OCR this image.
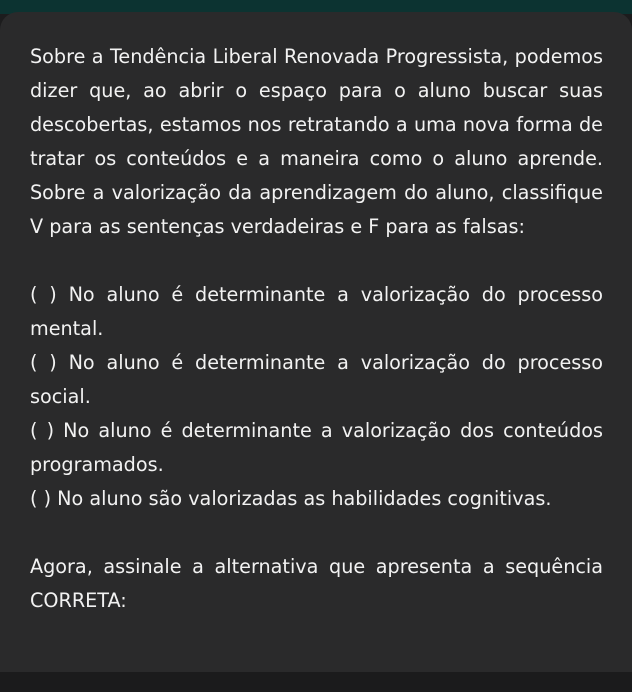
Sobre a Tendência Liberal Renovada Progressista, podemos dizer que, ao abrir o espaço para o aluno buscar suas descobertas, estamos nos retratando a uma nova forma de tratar os conteúdos e a maneira como o aluno aprende. Sobre a valorização da aprendizagem do aluno, classifique V para as sentenças verdadeiras e F para as falsas:

( ) No aluno é determinante a valorização do processo mental.

( ) No aluno é determinante a valorização do processo social.

( ) No aluno é determinante a valorização dos conteúdos programados.

( ) No aluno são valorizadas as habilidades cognitivas.

Agora, assinale a alternativa que apresenta a sequência CORRETA:
